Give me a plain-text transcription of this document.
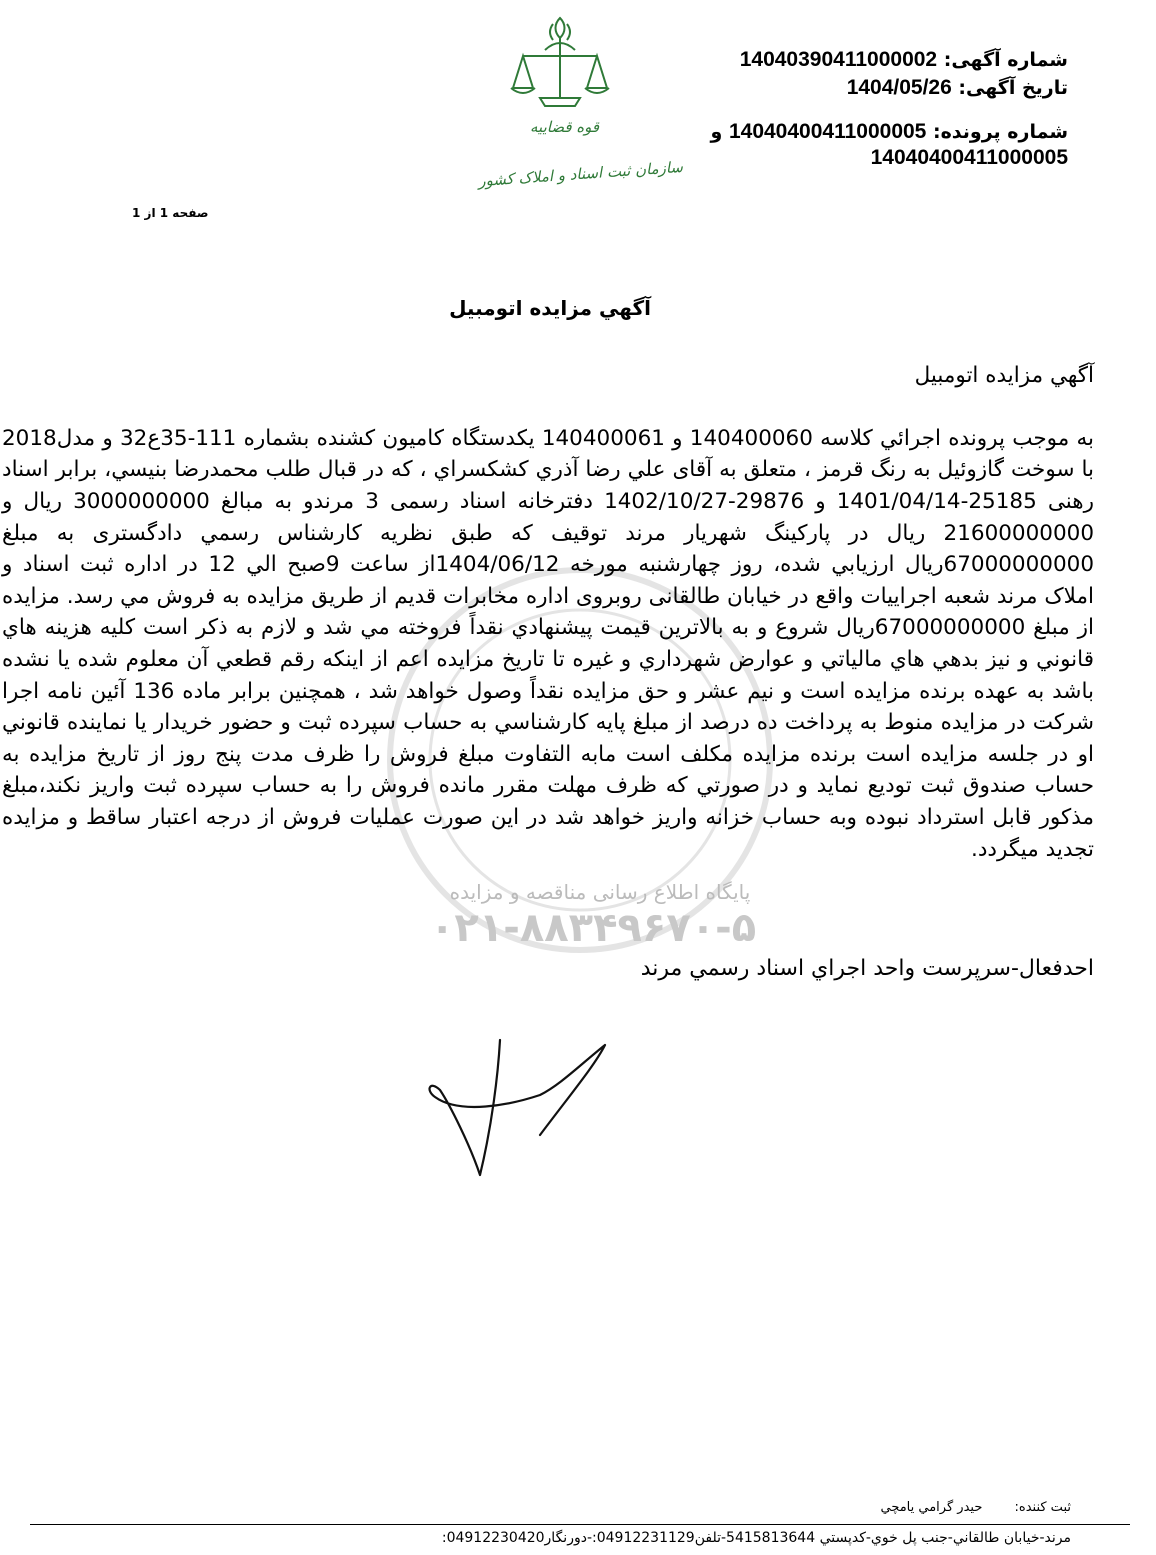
قوه قضاییه
سازمان ثبت اسناد و املاک کشور
شماره آگهی: 14040390411000002
تاریخ آگهی: 1404/05/26
شماره پرونده: 14040400411000005 و
14040400411000005
صفحه 1 از 1
آگهي مزايده اتومبيل
پایگاه اطلاع رسانی مناقصه و مزایده
۰۲۱-۸۸۳۴۹۶۷۰-۵

آگهي مزايده اتومبيل

به موجب پرونده اجرائي كلاسه 140400060 و 140400061 يكدستگاه كاميون كشنده بشماره 111-35ع32 و مدل2018 با سوخت گازوئيل به رنگ قرمز ، متعلق به آقای علي رضا آذري كشكسراي ، كه در قبال طلب محمدرضا بنيسي، برابر اسناد رهنی 25185-1401/04/14 و 29876-1402/10/27 دفترخانه اسناد رسمی 3 مرندو به مبالغ 3000000000 ريال و 21600000000 ريال در پاركينگ شهريار مرند توقيف كه طبق نظريه كارشناس رسمي دادگستری به مبلغ 67000000000ريال ارزيابي شده، روز چهارشنبه مورخه 1404/06/12از ساعت 9صبح الي 12 در اداره ثبت اسناد و املاک مرند شعبه اجراييات واقع در خيابان طالقانی روبروی اداره مخابرات قديم از طريق مزايده به فروش مي رسد. مزايده از مبلغ 67000000000ريال شروع و به بالاترين قيمت پيشنهادي نقداً فروخته مي شد و لازم به ذكر است كليه هزينه هاي قانوني و نيز بدهي هاي مالياتي و عوارض شهرداري و غيره تا تاريخ مزايده اعم از اينكه رقم قطعي آن معلوم شده يا نشده باشد به عهده برنده مزايده است و نيم عشر و حق مزايده نقداً وصول خواهد شد ، همچنين برابر ماده 136 آئين نامه اجرا شركت در مزايده منوط به پرداخت ده درصد از مبلغ پايه كارشناسي به حساب سپرده ثبت و حضور خريدار يا نماينده قانوني او در جلسه مزايده است برنده مزايده مكلف است مابه التفاوت مبلغ فروش را ظرف مدت پنج روز از تاريخ مزايده به حساب صندوق ثبت توديع نمايد و در صورتي كه ظرف مهلت مقرر مانده فروش را به حساب سپرده ثبت واريز نكند،مبلغ مذكور قابل استرداد نبوده وبه حساب خزانه واريز خواهد شد در اين صورت عمليات فروش از درجه اعتبار ساقط و مزايده تجديد ميگردد.

احدفعال-سرپرست واحد اجراي اسناد رسمي مرند
ثبت كننده: حيدر گرامي يامچي
مرند-خيابان طالقاني-جنب پل خوي-كدپستي 5415813644-تلفن04912231129:-دورنگار04912230420:
